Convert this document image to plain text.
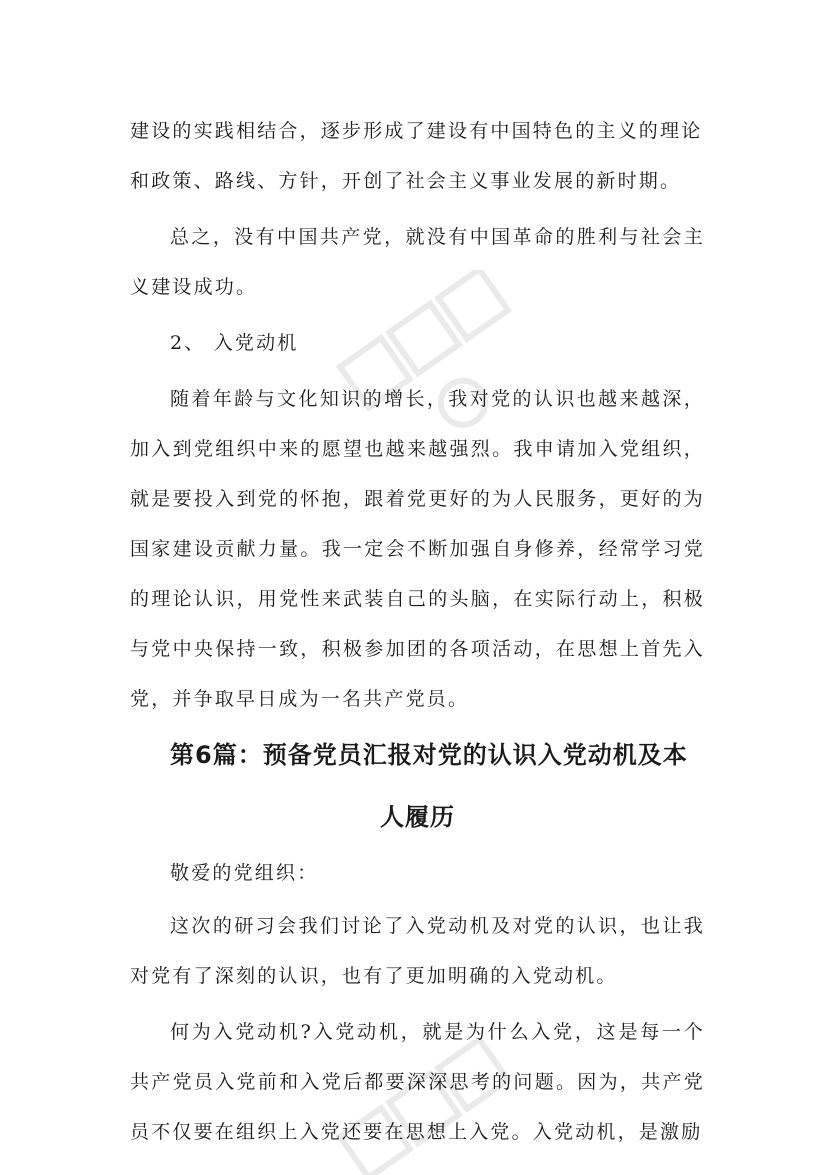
建设的实践相结合，逐步形成了建设有中国特色的主义的理论
和政策、路线、方针，开创了社会主义事业发展的新时期。

总之，没有中国共产党，就没有中国革命的胜利与社会主义建设成功。

2、 入党动机

随着年龄与文化知识的增长，我对党的认识也越来越深，加入到党组织中来的愿望也越来越强烈。我申请加入党组织，就是要投入到党的怀抱，跟着党更好的为人民服务，更好的为国家建设贡献力量。我一定会不断加强自身修养，经常学习党的理论认识，用党性来武装自己的头脑，在实际行动上，积极与党中央保持一致，积极参加团的各项活动，在思想上首先入党，并争取早日成为一名共产党员。

第6篇：预备党员汇报对党的认识入党动机及本
人履历

敬爱的党组织：

这次的研习会我们讨论了入党动机及对党的认识，也让我对党有了深刻的认识，也有了更加明确的入党动机。

何为入党动机?入党动机，就是为什么入党，这是每一个共产党员入党前和入党后都要深深思考的问题。因为，共产党员不仅要在组织上入党还要在思想上入党。入党动机，是激励
